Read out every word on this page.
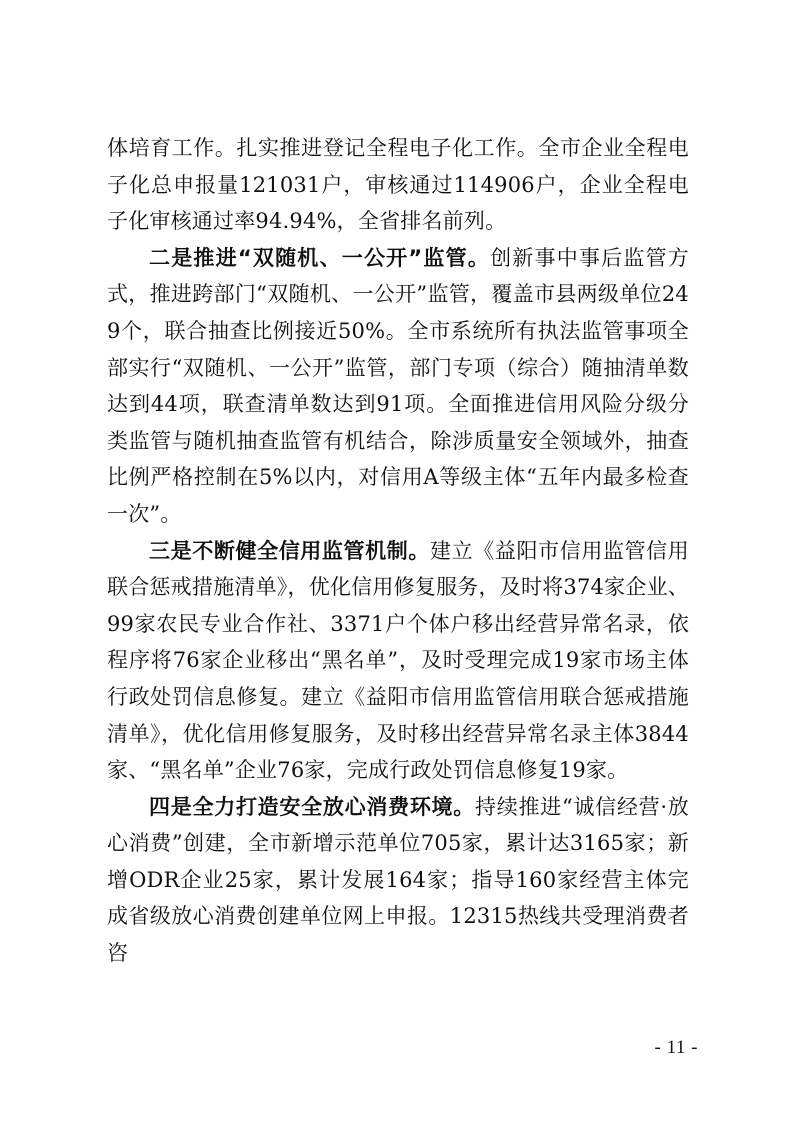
体培育工作。扎实推进登记全程电子化工作。全市企业全程电子化总申报量121031户，审核通过114906户，企业全程电子化审核通过率94.94%，全省排名前列。

二是推进“双随机、一公开”监管。创新事中事后监管方式，推进跨部门“双随机、一公开”监管，覆盖市县两级单位249个，联合抽查比例接近50%。全市系统所有执法监管事项全部实行“双随机、一公开”监管，部门专项（综合）随抽清单数达到44项，联查清单数达到91项。全面推进信用风险分级分类监管与随机抽查监管有机结合，除涉质量安全领域外，抽查比例严格控制在5%以内，对信用A等级主体“五年内最多检查一次”。

三是不断健全信用监管机制。建立《益阳市信用监管信用联合惩戒措施清单》，优化信用修复服务，及时将374家企业、99家农民专业合作社、3371户个体户移出经营异常名录，依程序将76家企业移出“黑名单”，及时受理完成19家市场主体行政处罚信息修复。建立《益阳市信用监管信用联合惩戒措施清单》，优化信用修复服务，及时移出经营异常名录主体3844家、“黑名单”企业76家，完成行政处罚信息修复19家。

四是全力打造安全放心消费环境。持续推进“诚信经营·放心消费”创建，全市新增示范单位705家，累计达3165家；新增ODR企业25家，累计发展164家；指导160家经营主体完成省级放心消费创建单位网上申报。12315热线共受理消费者咨

- 11 -
